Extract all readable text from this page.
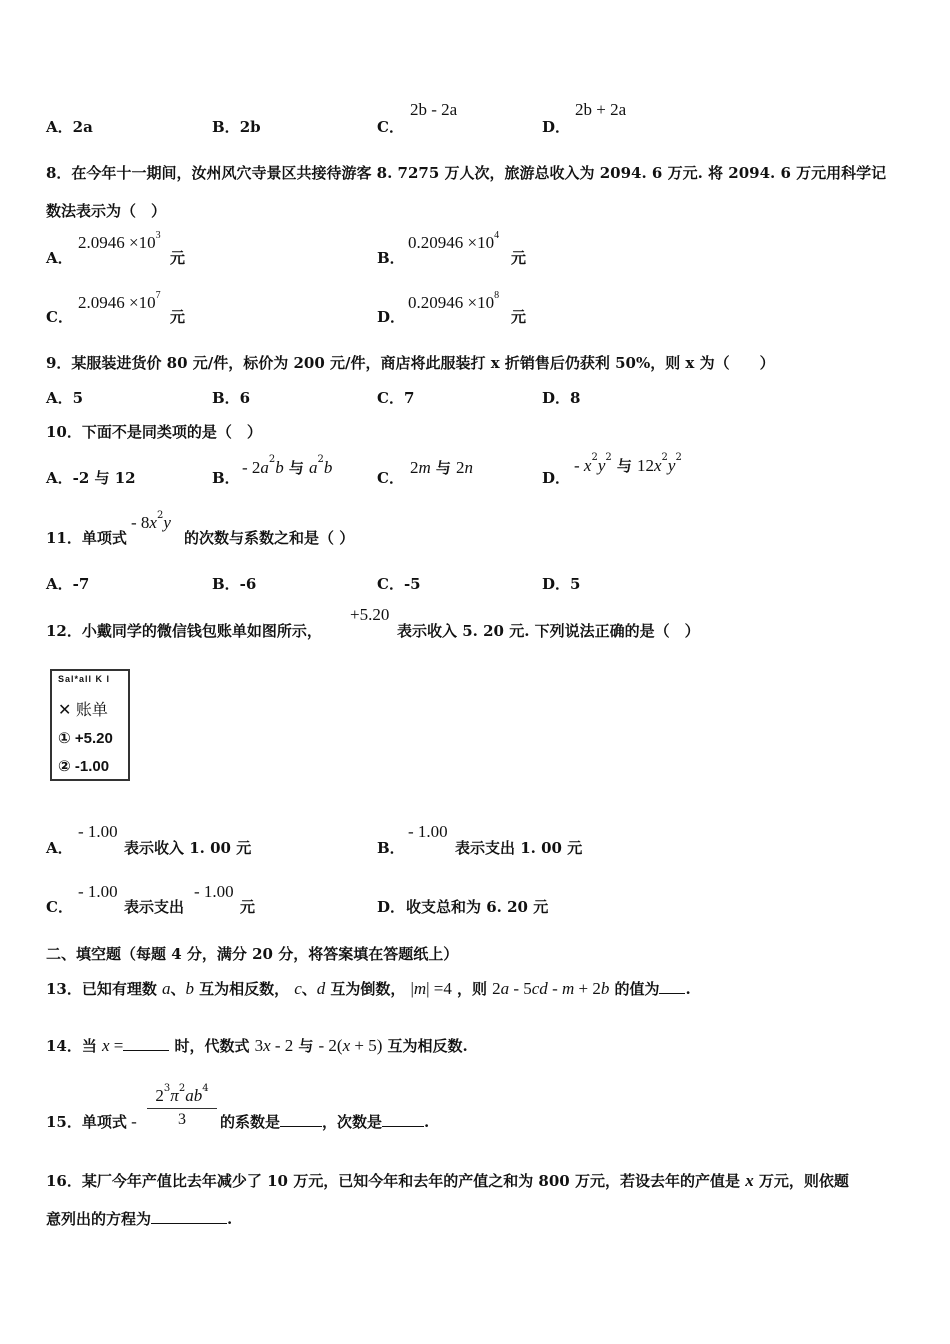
A．2a	B．2b	C．
2b - 2a
D．
2b + 2a
8．在今年十一期间，汝州风穴寺景区共接待游客 8. 7275 万人次，旅游总收入为 2094. 6 万元. 将 2094. 6 万元用科学记
数法表示为（　）
A．
$2.0946 \times 10^3$
元	B．
$0.20946 \times 10^4$
元
C．
$2.0946 \times 10^7$
元	D．
$0.20946 \times 10^8$
元
9．某服装进货价 80 元/件，标价为 200 元/件，商店将此服装打 x 折销售后仍获利 50%，则 x 为（　　）
A．5	B．6	C．7	D．8
10．下面不是同类项的是（　）
A．-2 与 12	B．
- $2a^2b$ 与 $a^2b$
C．
2m 与 2n
D．
- $x^2y^2$ 与 $12x^2y^2$
11．单项式
- $8x^2y$
的次数与系数之和是（ ）
A．-7	B．-6	C．-5	D．5
12．小戴同学的微信钱包账单如图所示，
+5.20
表示收入 5. 20 元. 下列说法正确的是（　）
Sal*all K I
✕ 账单
① +5.20
② -1.00
A．
- 1.00
表示收入 1. 00 元	B．
- 1.00
表示支出 1. 00 元
C．
- 1.00
表示支出
- 1.00
元	D． 收支总和为 6. 20 元
二、填空题（每题 4 分，满分 20 分，将答案填在答题纸上）
13．已知有理数 a、b 互为相反数， c、d 互为倒数， |m| =4 ，则 2a - 5cd - m + 2b 的值为 .
14．当 x =	时，代数式 3x - 2 与 - 2(x + 5) 互为相反数.
15．单项式 - $\frac{2^3\pi^2ab^4}{3}$ 的系数是	，次数是	.
16．某厂今年产值比去年减少了 10 万元，已知今年和去年的产值之和为 800 万元，若设去年的产值是 x 万元，则依题
意列出的方程为	.
